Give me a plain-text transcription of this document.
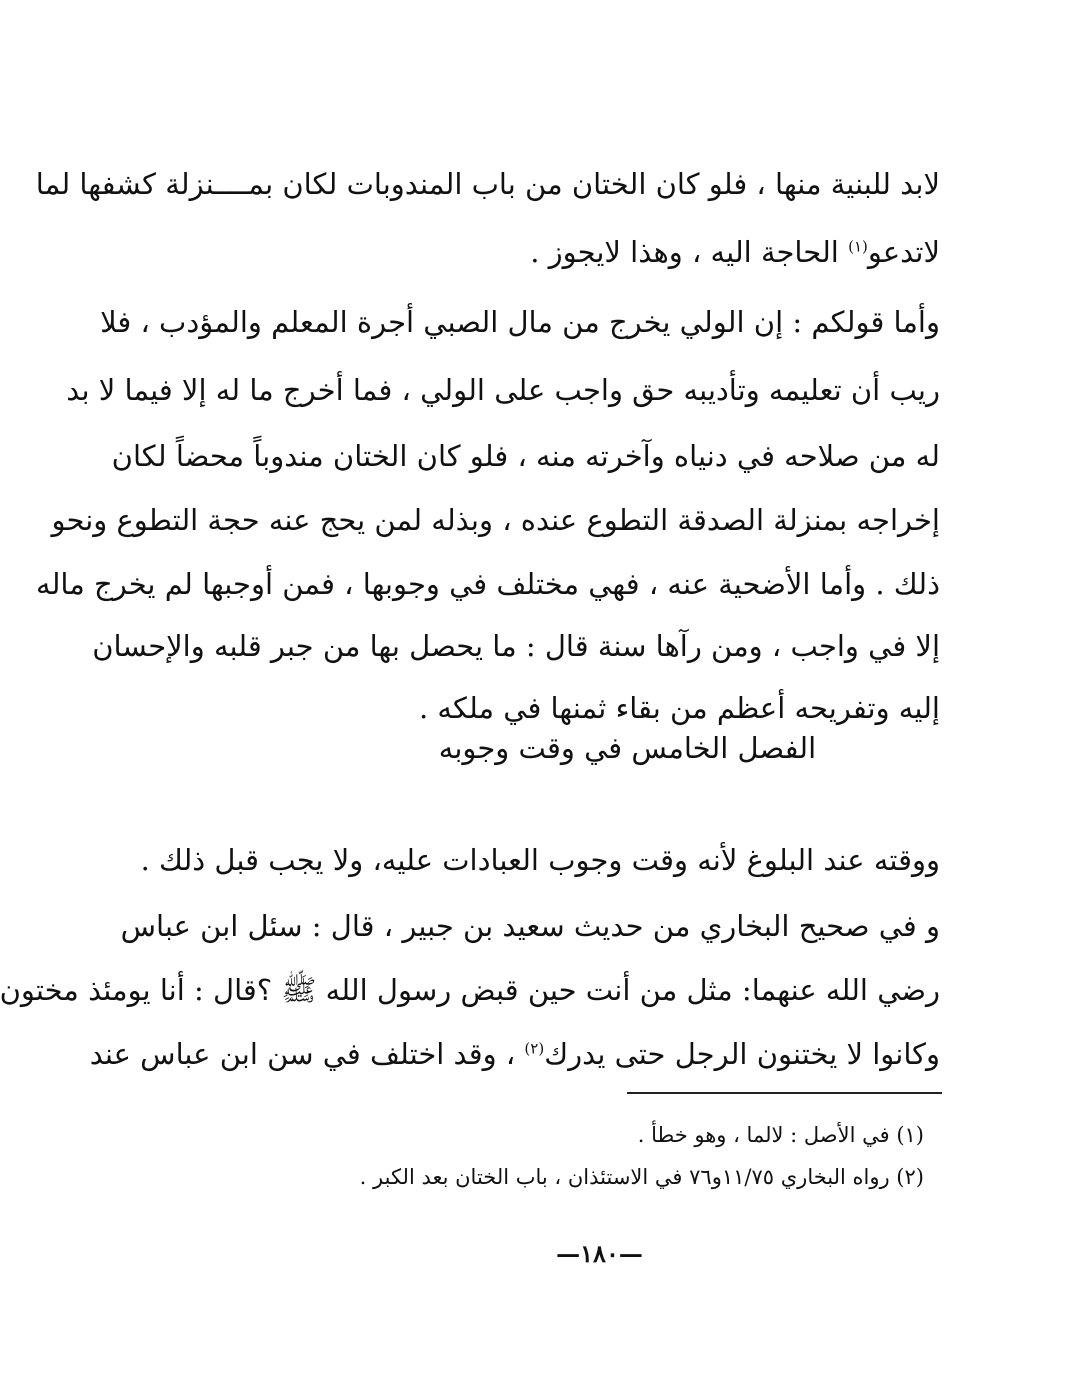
لابد للبنية منها ، فلو كان الختان من باب المندوبات لكان بمــــنزلة كشفها لما
لاتدعو$^{(١)}$ الحاجة اليه ، وهذا لايجوز .
وأما قولكم : إن الولي يخرج من مال الصبي أجرة المعلم والمؤدب ، فلا
ريب أن تعليمه وتأديبه حق واجب على الولي ، فما أخرج ما له إلا فيما لا بد
له من صلاحه في دنياه وآخرته منه ، فلو كان الختان مندوباً محضاً لكان
إخراجه بمنزلة الصدقة التطوع عنده ، وبذله لمن يحج عنه حجة التطوع ونحو
ذلك . وأما الأضحية عنه ، فهي مختلف في وجوبها ، فمن أوجبها لم يخرج ماله
إلا في واجب ، ومن رآها سنة قال : ما يحصل بها من جبر قلبه والإحسان
إليه وتفريحه أعظم من بقاء ثمنها في ملكه .
الفصل الخامس في وقت وجوبه
ووقته عند البلوغ لأنه وقت وجوب العبادات عليه، ولا يجب قبل ذلك .
و في صحيح البخاري من حديث سعيد بن جبير ، قال : سئل ابن عباس
رضي الله عنهما: مثل من أنت حين قبض رسول الله ﷺ ؟قال : أنا يومئذ مختون
وكانوا لا يختنون الرجل حتى يدرك$^{(٢)}$ ، وقد اختلف في سن ابن عباس عند
(١) في الأصل : لالما ، وهو خطأ .
(٢) رواه البخاري ١١/٧٥و٧٦ في الاستئذان ، باب الختان بعد الكبر .
—١٨٠—
